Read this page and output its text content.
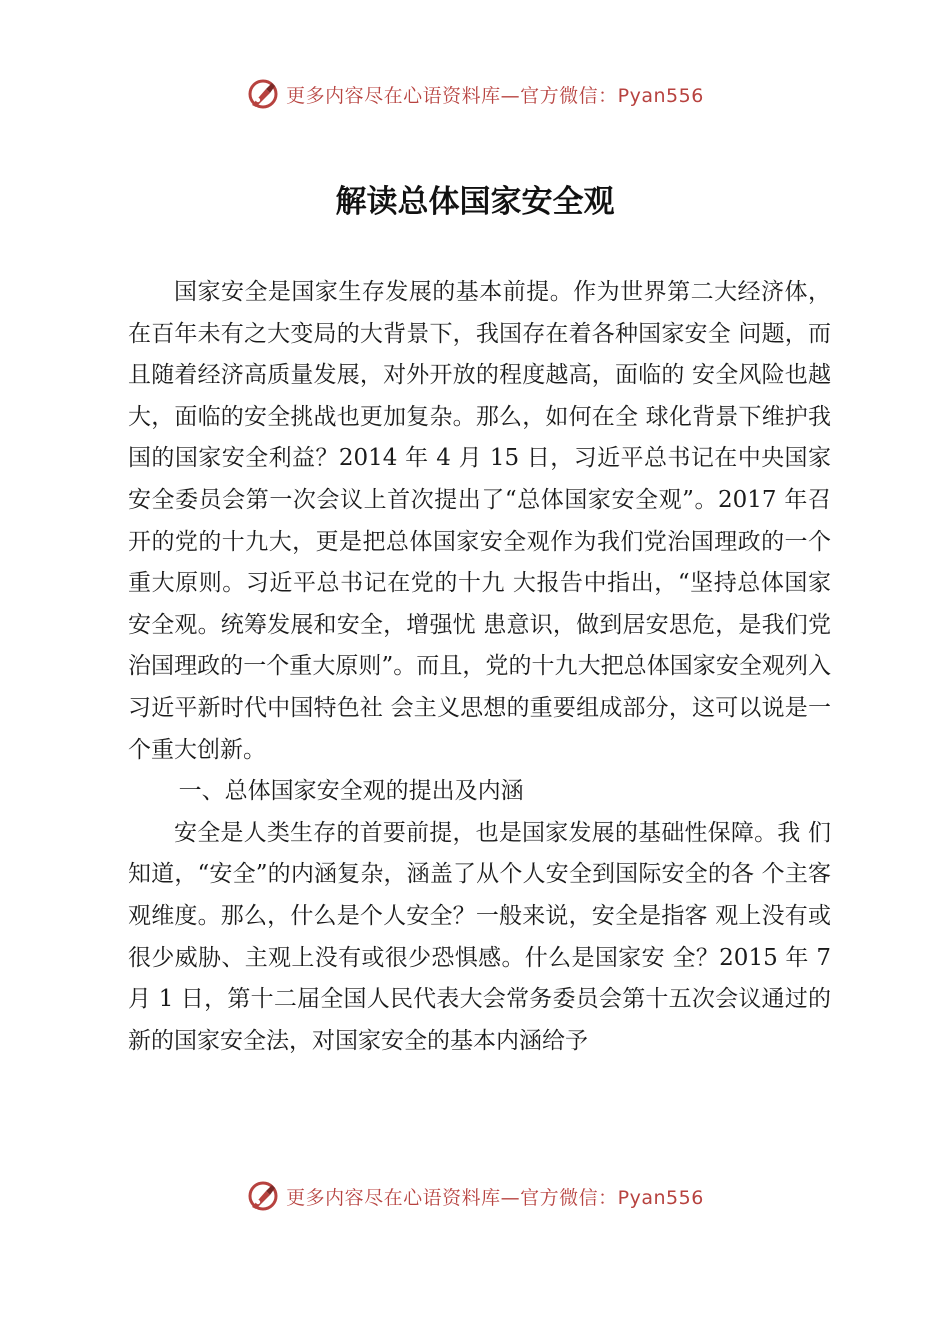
更多内容尽在心语资料库—官方微信：Pyan556
解读总体国家安全观

国家安全是国家生存发展的基本前提。作为世界第二大经济体，在百年未有之大变局的大背景下，我国存在着各种国家安全 问题，而且随着经济高质量发展，对外开放的程度越高，面临的 安全风险也越大，面临的安全挑战也更加复杂。那么，如何在全 球化背景下维护我国的国家安全利益？2014 年 4 月 15 日，习近平总书记在中央国家安全委员会第一次会议上首次提出了“总体国家安全观”。2017 年召开的党的十九大，更是把总体国家安全观作为我们党治国理政的一个重大原则。习近平总书记在党的十九 大报告中指出，“坚持总体国家安全观。统筹发展和安全，增强忧 患意识，做到居安思危，是我们党治国理政的一个重大原则”。而且，党的十九大把总体国家安全观列入习近平新时代中国特色社 会主义思想的重要组成部分，这可以说是一个重大创新。

一、总体国家安全观的提出及内涵

安全是人类生存的首要前提，也是国家发展的基础性保障。我 们知道，“安全”的内涵复杂，涵盖了从个人安全到国际安全的各 个主客观维度。那么，什么是个人安全？一般来说，安全是指客 观上没有或很少威胁、主观上没有或很少恐惧感。什么是国家安 全？2015 年 7 月 1 日，第十二届全国人民代表大会常务委员会第十五次会议通过的新的国家安全法，对国家安全的基本内涵给予

更多内容尽在心语资料库—官方微信：Pyan556
